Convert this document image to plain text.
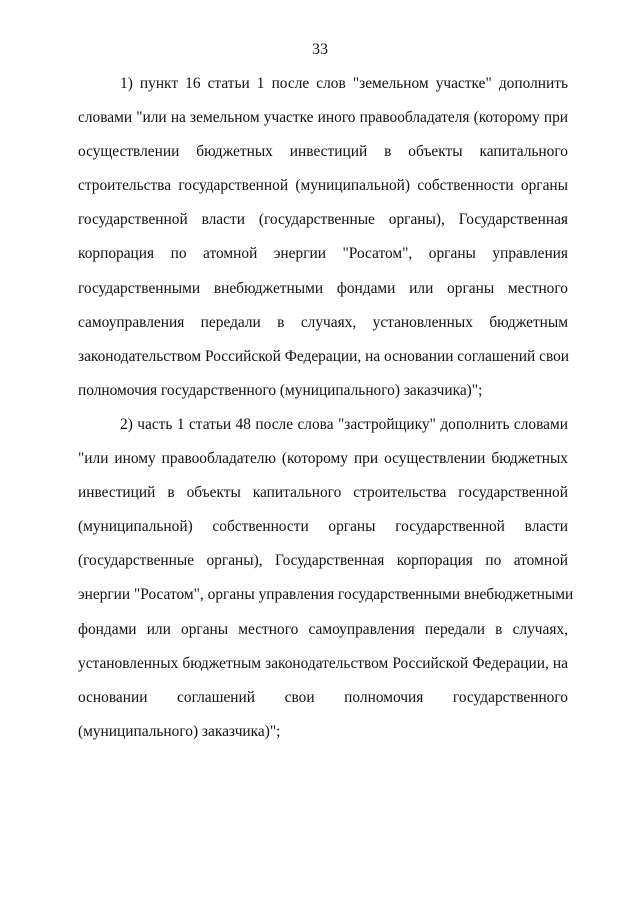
33
1) пункт 16 статьи 1 после слов "земельном участке" дополнить
словами "или на земельном участке иного правообладателя (которому при
осуществлении бюджетных инвестиций в объекты капитального
строительства государственной (муниципальной) собственности органы
государственной власти (государственные органы), Государственная
корпорация по атомной энергии "Росатом", органы управления
государственными внебюджетными фондами или органы местного
самоуправления передали в случаях, установленных бюджетным
законодательством Российской Федерации, на основании соглашений свои
полномочия государственного (муниципального) заказчика)";
2) часть 1 статьи 48 после слова "застройщику" дополнить словами
"или иному правообладателю (которому при осуществлении бюджетных
инвестиций в объекты капитального строительства государственной
(муниципальной) собственности органы государственной власти
(государственные органы), Государственная корпорация по атомной
энергии "Росатом", органы управления государственными внебюджетными
фондами или органы местного самоуправления передали в случаях,
установленных бюджетным законодательством Российской Федерации, на
основании соглашений свои полномочия государственного
(муниципального) заказчика)";
